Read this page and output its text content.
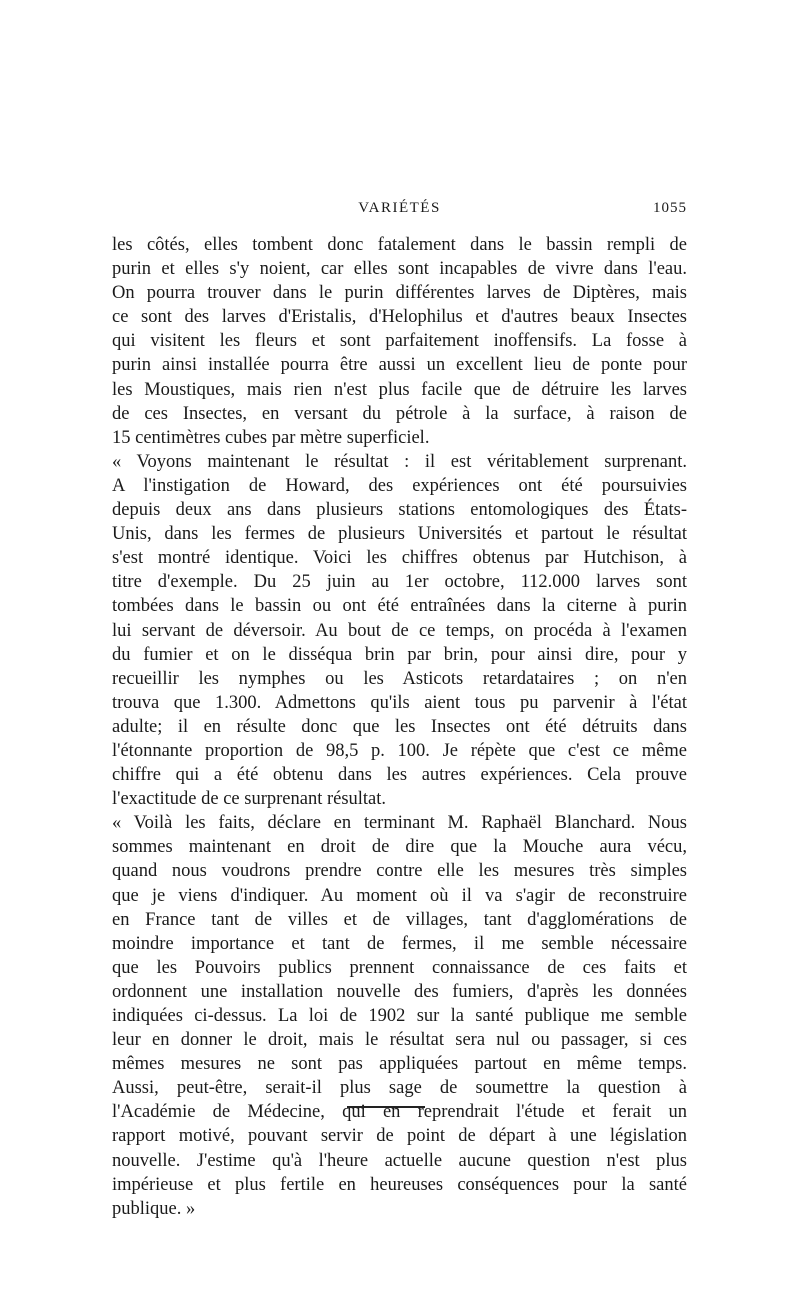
VARIÉTÉS	1055
les côtés, elles tombent donc fatalement dans le bassin rempli de
purin et elles s'y noient, car elles sont incapables de vivre dans l'eau.
On pourra trouver dans le purin différentes larves de Diptères, mais
ce sont des larves d'Eristalis, d'Helophilus et d'autres beaux Insectes
qui visitent les fleurs et sont parfaitement inoffensifs. La fosse à
purin ainsi installée pourra être aussi un excellent lieu de ponte pour
les Moustiques, mais rien n'est plus facile que de détruire les larves
de ces Insectes, en versant du pétrole à la surface, à raison de
15 centimètres cubes par mètre superficiel.
« Voyons maintenant le résultat : il est véritablement surprenant.
A l'instigation de Howard, des expériences ont été poursuivies
depuis deux ans dans plusieurs stations entomologiques des États-
Unis, dans les fermes de plusieurs Universités et partout le résultat
s'est montré identique. Voici les chiffres obtenus par Hutchison, à
titre d'exemple. Du 25 juin au 1er octobre, 112.000 larves sont
tombées dans le bassin ou ont été entraînées dans la citerne à purin
lui servant de déversoir. Au bout de ce temps, on procéda à l'examen
du fumier et on le disséqua brin par brin, pour ainsi dire, pour y
recueillir les nymphes ou les Asticots retardataires ; on n'en
trouva que 1.300. Admettons qu'ils aient tous pu parvenir à l'état
adulte; il en résulte donc que les Insectes ont été détruits dans
l'étonnante proportion de 98,5 p. 100. Je répète que c'est ce même
chiffre qui a été obtenu dans les autres expériences. Cela prouve
l'exactitude de ce surprenant résultat.
« Voilà les faits, déclare en terminant M. Raphaël Blanchard. Nous
sommes maintenant en droit de dire que la Mouche aura vécu,
quand nous voudrons prendre contre elle les mesures très simples
que je viens d'indiquer. Au moment où il va s'agir de reconstruire
en France tant de villes et de villages, tant d'agglomérations de
moindre importance et tant de fermes, il me semble nécessaire
que les Pouvoirs publics prennent connaissance de ces faits et
ordonnent une installation nouvelle des fumiers, d'après les données
indiquées ci-dessus. La loi de 1902 sur la santé publique me semble
leur en donner le droit, mais le résultat sera nul ou passager, si ces
mêmes mesures ne sont pas appliquées partout en même temps.
Aussi, peut-être, serait-il plus sage de soumettre la question à
l'Académie de Médecine, qui en reprendrait l'étude et ferait un
rapport motivé, pouvant servir de point de départ à une législation
nouvelle. J'estime qu'à l'heure actuelle aucune question n'est plus
impérieuse et plus fertile en heureuses conséquences pour la santé
publique. »
